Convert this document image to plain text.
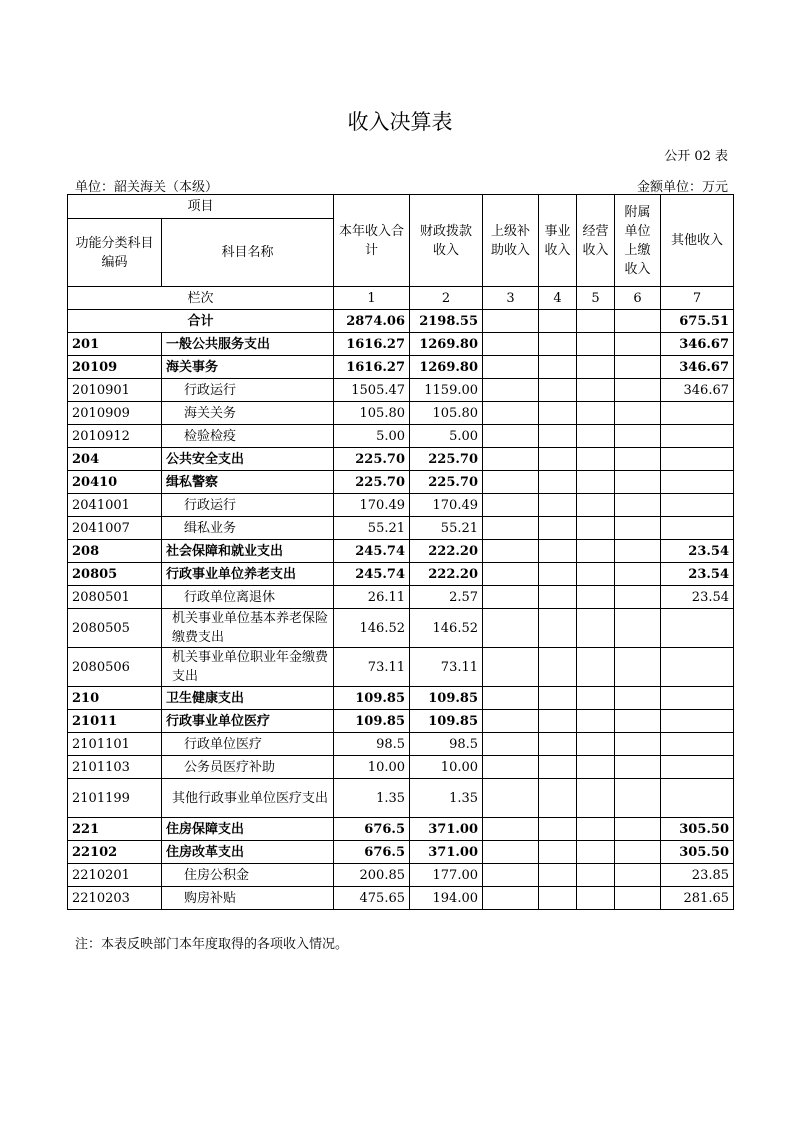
收入决算表
公开 02 表
单位：韶关海关（本级）	金额单位：万元
项目		本年收入合计	财政拨款收入	上级补助收入	事业收入	经营收入	附属单位上缴收入	其他收入
功能分类科目编码	科目名称							
栏次		1	2	3	4	5	6	7
合计		2874.06	2198.55					675.51
201	一般公共服务支出	1616.27	1269.80					346.67
20109	海关事务	1616.27	1269.80					346.67
2010901	行政运行	1505.47	1159.00					346.67
2010909	海关关务	105.80	105.80					
2010912	检验检疫	5.00	5.00					
204	公共安全支出	225.70	225.70					
20410	缉私警察	225.70	225.70					
2041001	行政运行	170.49	170.49					
2041007	缉私业务	55.21	55.21					
208	社会保障和就业支出	245.74	222.20					23.54
20805	行政事业单位养老支出	245.74	222.20					23.54
2080501	行政单位离退休	26.11	2.57					23.54
2080505	机关事业单位基本养老保险缴费支出	146.52	146.52					
2080506	机关事业单位职业年金缴费支出	73.11	73.11					
210	卫生健康支出	109.85	109.85					
21011	行政事业单位医疗	109.85	109.85					
2101101	行政单位医疗	98.5	98.5					
2101103	公务员医疗补助	10.00	10.00					
2101199	其他行政事业单位医疗支出	1.35	1.35					
221	住房保障支出	676.5	371.00					305.50
22102	住房改革支出	676.5	371.00					305.50
2210201	住房公积金	200.85	177.00					23.85
2210203	购房补贴	475.65	194.00					281.65
注：本表反映部门本年度取得的各项收入情况。
